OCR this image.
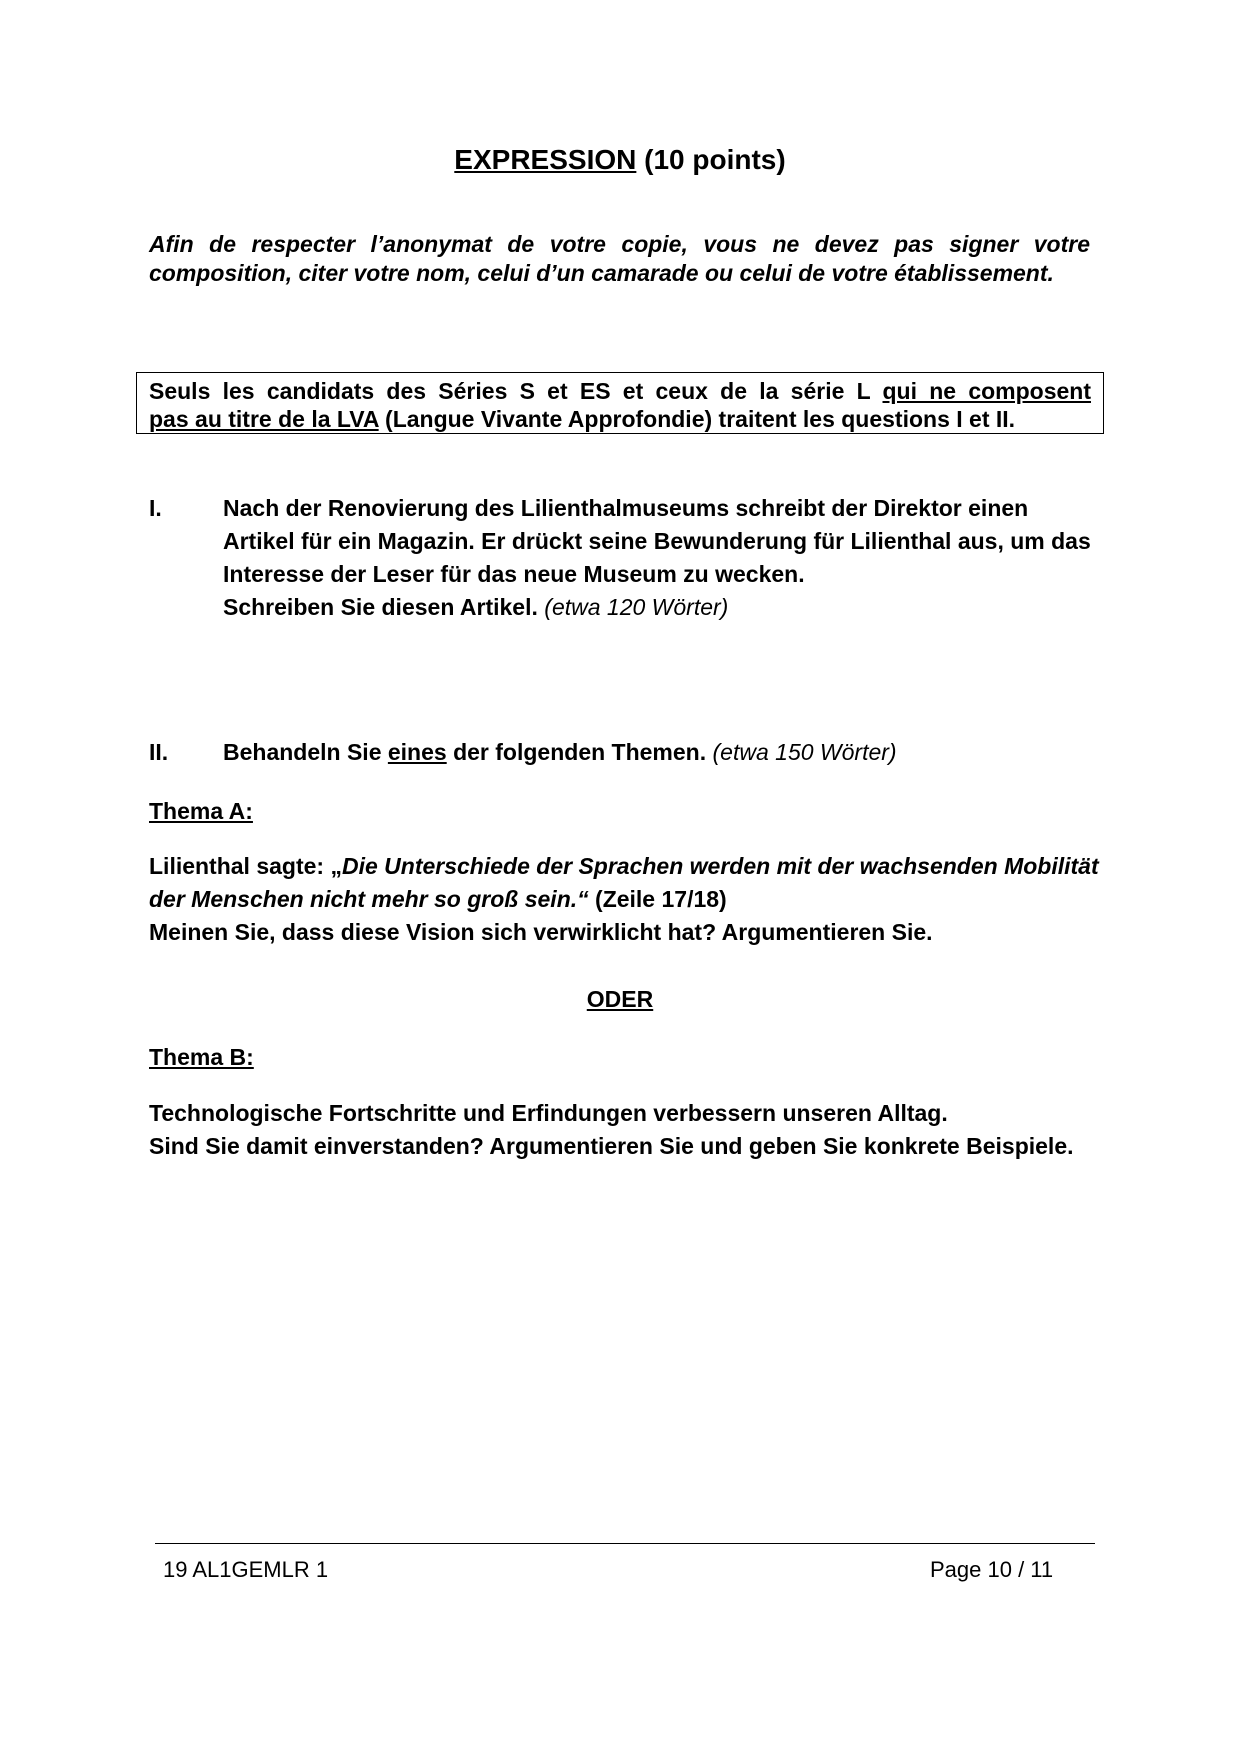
EXPRESSION (10 points)
Afin de respecter l’anonymat de votre copie, vous ne devez pas signer votre composition, citer votre nom, celui d’un camarade ou celui de votre établissement.
Seuls les candidats des Séries S et ES et ceux de la série L qui ne composent
pas au titre de la LVA (Langue Vivante Approfondie) traitent les questions I et II.
I.	Nach der Renovierung des Lilienthalmuseums schreibt der Direktor einen Artikel für ein Magazin. Er drückt seine Bewunderung für Lilienthal aus, um das Interesse der Leser für das neue Museum zu wecken.
Schreiben Sie diesen Artikel. (etwa 120 Wörter)
II. Behandeln Sie eines der folgenden Themen. (etwa 150 Wörter)
Thema A:
Lilienthal sagte: „Die Unterschiede der Sprachen werden mit der wachsenden Mobilität der Menschen nicht mehr so groß sein.“ (Zeile 17/18)
Meinen Sie, dass diese Vision sich verwirklicht hat? Argumentieren Sie.
ODER
Thema B:
Technologische Fortschritte und Erfindungen verbessern unseren Alltag.
Sind Sie damit einverstanden? Argumentieren Sie und geben Sie konkrete Beispiele.
19 AL1GEMLR 1	Page 10 / 11
